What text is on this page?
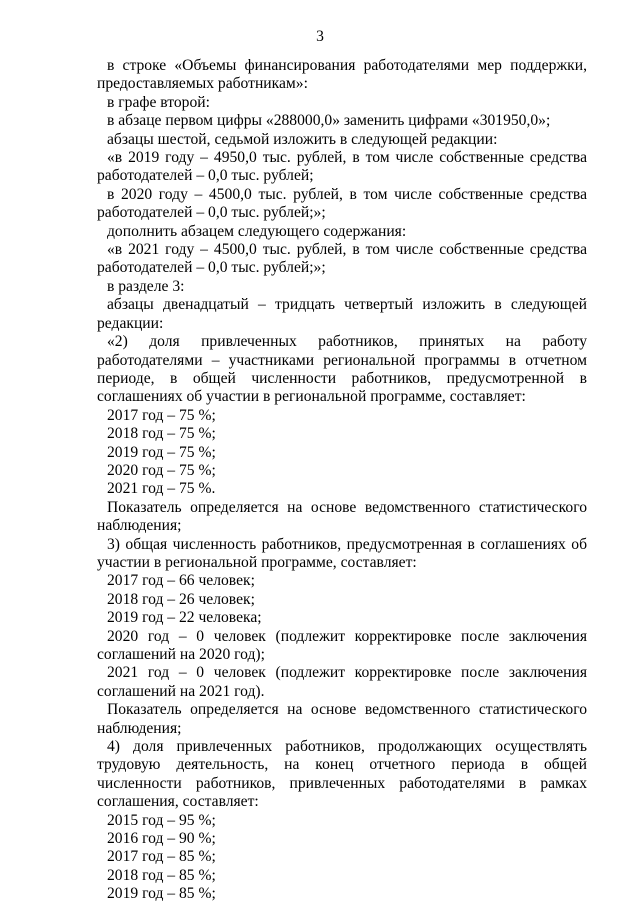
3

в строке «Объемы финансирования работодателями мер поддержки, предоставляемых работникам»:

в графе второй:

в абзаце первом цифры «288000,0» заменить цифрами «301950,0»;

абзацы шестой, седьмой изложить в следующей редакции:

«в 2019 году – 4950,0 тыс. рублей, в том числе собственные средства работодателей – 0,0 тыс. рублей;

в 2020 году – 4500,0 тыс. рублей, в том числе собственные средства работодателей – 0,0 тыс. рублей;»;

дополнить абзацем следующего содержания:

«в 2021 году – 4500,0 тыс. рублей, в том числе собственные средства работодателей – 0,0 тыс. рублей;»;

в разделе 3:

абзацы двенадцатый – тридцать четвертый изложить в следующей редакции:

«2) доля привлеченных работников, принятых на работу работодателями – участниками региональной программы в отчетном периоде, в общей численности работников, предусмотренной в соглашениях об участии в региональной программе, составляет:

2017 год – 75 %;

2018 год – 75 %;

2019 год – 75 %;

2020 год – 75 %;

2021 год – 75 %.

Показатель определяется на основе ведомственного статистического наблюдения;

3) общая численность работников, предусмотренная в соглашениях об участии в региональной программе, составляет:

2017 год – 66 человек;

2018 год – 26 человек;

2019 год – 22 человека;

2020 год – 0 человек (подлежит корректировке после заключения соглашений на 2020 год);

2021 год – 0 человек (подлежит корректировке после заключения соглашений на 2021 год).

Показатель определяется на основе ведомственного статистического наблюдения;

4) доля привлеченных работников, продолжающих осуществлять трудовую деятельность, на конец отчетного периода в общей численности работников, привлеченных работодателями в рамках соглашения, составляет:

2015 год – 95 %;

2016 год – 90 %;

2017 год – 85 %;

2018 год – 85 %;

2019 год – 85 %;
